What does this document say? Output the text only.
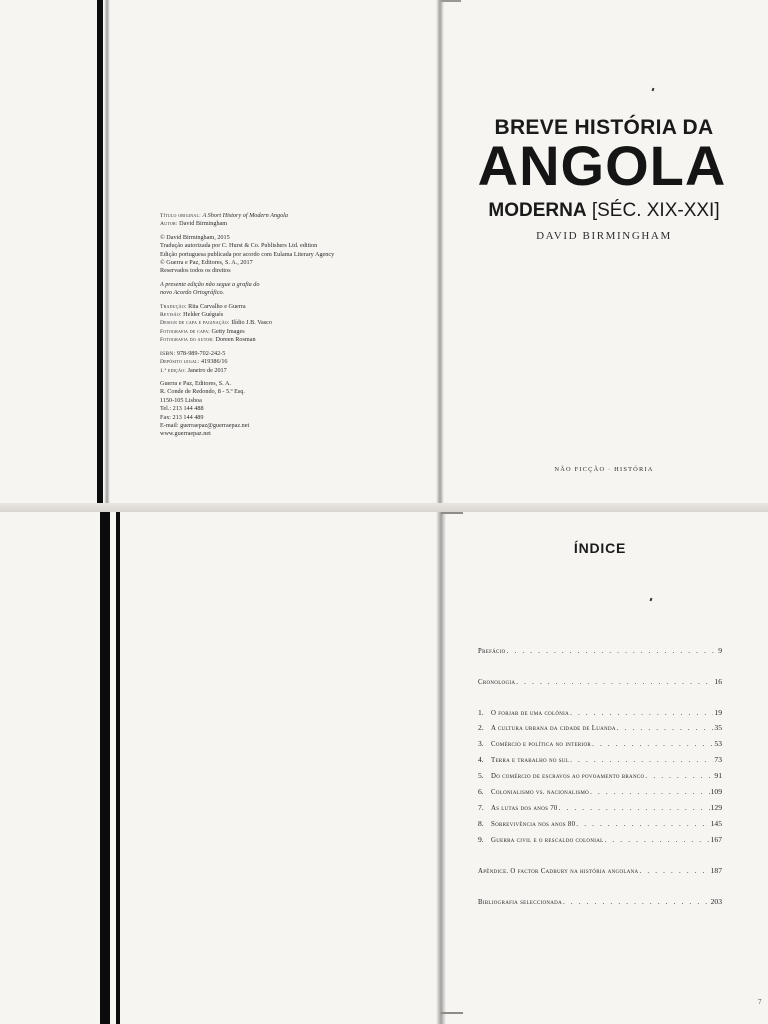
Título original: A Short History of Modern Angola

Autor: David Birmingham

© David Birmingham, 2015

Tradução autorizada por C. Hurst & Co. Publishers Ltd. edition

Edição portuguesa publicada por acordo com Eulama Literary Agency

© Guerra e Paz, Editores, S. A., 2017

Reservados todos os direitos

A presente edição não segue a grafia do

novo Acordo Ortográfico.

Tradução: Rita Carvalho e Guerra

Revisão: Helder Guégués

Design de capa e paginação: Ilídio J.B. Vasco

Fotografia de capa: Getty Images

Fotografia do autor: Doreen Rosman

ISBN: 978-989-702-242-5

Depósito legal: 419386/16

1.ª edição: Janeiro de 2017

Guerra e Paz, Editores, S. A.

R. Conde de Redondo, 8 - 5.º Esq.

1150-105 Lisboa

Tel.: 213 144 488

Fax: 213 144 489

E-mail: guerraepaz@guerraepaz.net

www.guerraepaz.net

BREVE HISTÓRIA DA
ANGOLA
MODERNA [SÉC. XIX-XXI]
DAVID BIRMINGHAM
NÃO FICÇÃO · HISTÓRIA
7
ÍNDICE
Prefácio . . .	9
Cronologia . . .	16
1.	O forjar de uma colónia . . .	19
2.	A cultura urbana da cidade de Luanda . . .	35
3.	Comércio e política no interior . . .	53
4.	Terra e trabalho no sul . . .	73
5.	Do comércio de escravos ao povoamento branco . . .	91
6.	Colonialismo vs. nacionalismo . . .	109
7.	As lutas dos anos 70 . . .	129
8.	Sobrevivência nos anos 80 . . .	145
9.	Guerra civil e o rescaldo colonial . . .	167
Apêndice. O factor Cadbury na história angolana . . .	187
Bibliografia seleccionada . . .	203
